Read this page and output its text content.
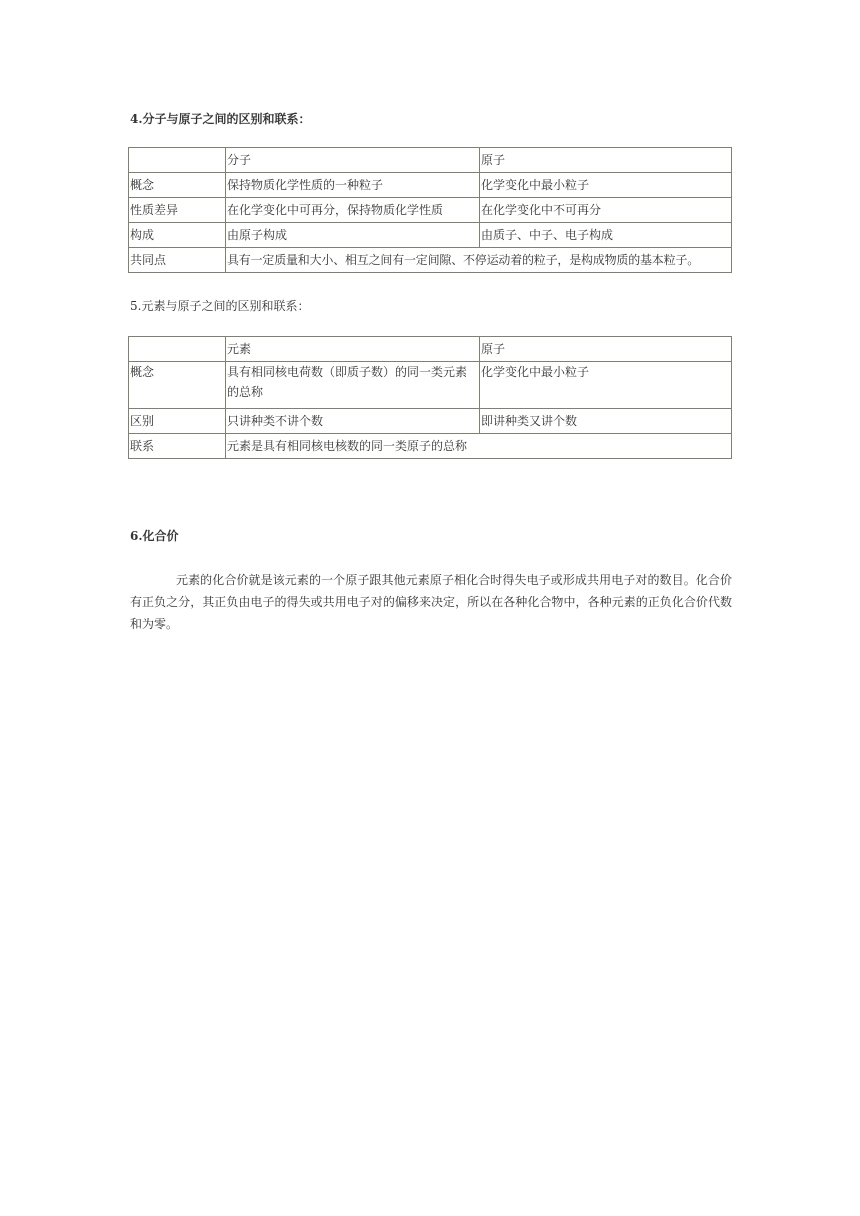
4.分子与原子之间的区别和联系：
	分子	原子
概念	保持物质化学性质的一种粒子	化学变化中最小粒子
性质差异	在化学变化中可再分，保持物质化学性质	在化学变化中不可再分
构成	由原子构成	由质子、中子、电子构成
共同点	具有一定质量和大小、相互之间有一定间隙、不停运动着的粒子，是构成物质的基本粒子。	
5.元素与原子之间的区别和联系：
	元素	原子
概念	具有相同核电荷数（即质子数）的同一类元素的总称	化学变化中最小粒子
区别	只讲种类不讲个数	即讲种类又讲个数
联系	元素是具有相同核电核数的同一类原子的总称	
6.化合价

元素的化合价就是该元素的一个原子跟其他元素原子相化合时得失电子或形成共用电子对的数目。化合价有正负之分，其正负由电子的得失或共用电子对的偏移来决定，所以在各种化合物中，各种元素的正负化合价代数和为零。
